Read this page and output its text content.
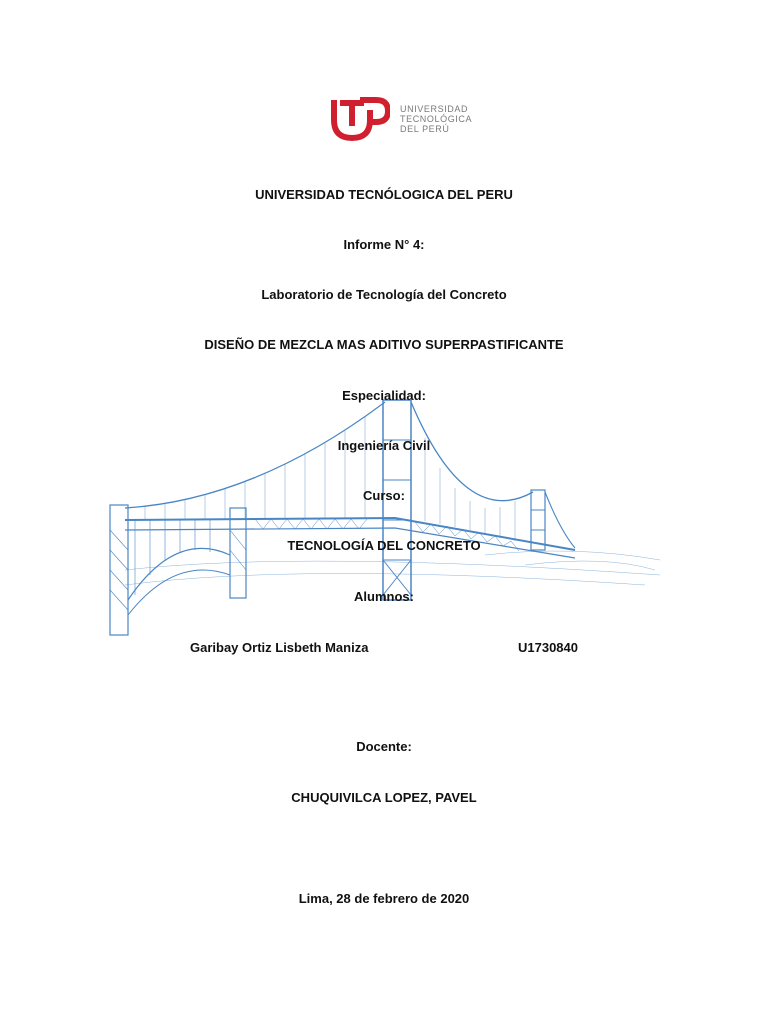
UNIVERSIDAD
TECNOLÓGICA
DEL PERÚ
UNIVERSIDAD TECNÓLOGICA DEL PERU
Informe N° 4:
Laboratorio de Tecnología del Concreto
DISEÑO DE MEZCLA MAS ADITIVO SUPERPASTIFICANTE
Especialidad:
Ingeniería Civil
Curso:
TECNOLOGÍA DEL CONCRETO
Alumnos:
Garibay Ortiz Lisbeth Maniza	U1730840
Docente:
CHUQUIVILCA LOPEZ, PAVEL
Lima, 28 de febrero de 2020
